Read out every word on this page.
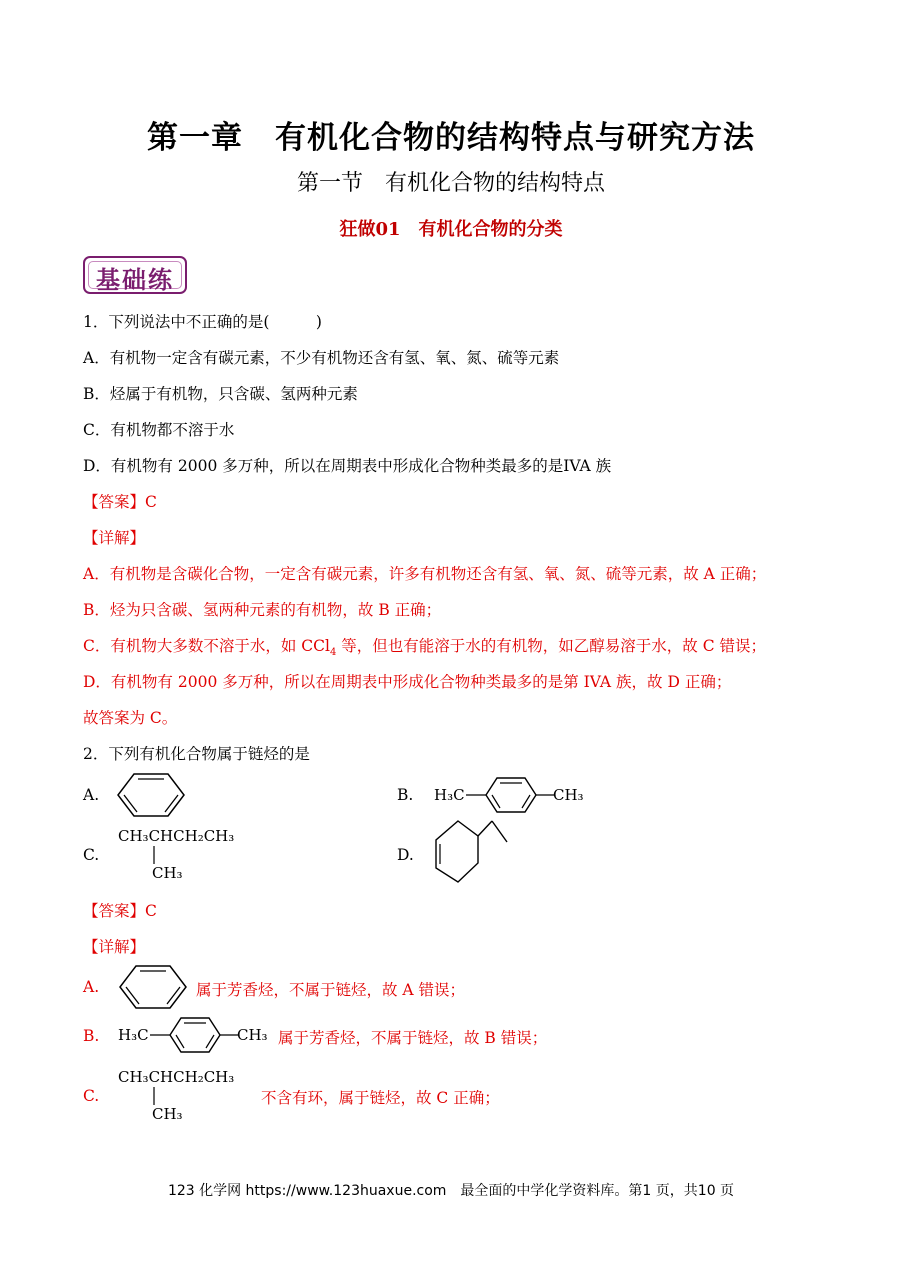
第一章　有机化合物的结构特点与研究方法
第一节　有机化合物的结构特点
狂做01　有机化合物的分类
基础练
1．下列说法中不正确的是(　　　)
A．有机物一定含有碳元素，不少有机物还含有氢、氧、氮、硫等元素
B．烃属于有机物，只含碳、氢两种元素
C．有机物都不溶于水
D．有机物有 2000 多万种，所以在周期表中形成化合物种类最多的是IVA 族
【答案】C
【详解】
A．有机物是含碳化合物，一定含有碳元素，许多有机物还含有氢、氧、氮、硫等元素，故 A 正确；
B．烃为只含碳、氢两种元素的有机物，故 B 正确；
C．有机物大多数不溶于水，如 CCl$_4$ 等，但也有能溶于水的有机物，如乙醇易溶于水，故 C 错误；
D．有机物有 2000 多万种，所以在周期表中形成化合物种类最多的是第 IVA 族，故 D 正确；
故答案为 C。
2．下列有机化合物属于链烃的是
A.	B. H₃C	CH₃
C.
CH₃CHCH₂CH₃
CH₃
D.
【答案】C
【详解】
A.	属于芳香烃，不属于链烃，故 A 错误；
B. H₃C	CH₃ 属于芳香烃，不属于链烃，故 B 错误；
C.
CH₃CHCH₂CH₃
CH₃
不含有环，属于链烃，故 C 正确；
123 化学网 https://www.123huaxue.com　最全面的中学化学资料库。第1 页，共10 页
